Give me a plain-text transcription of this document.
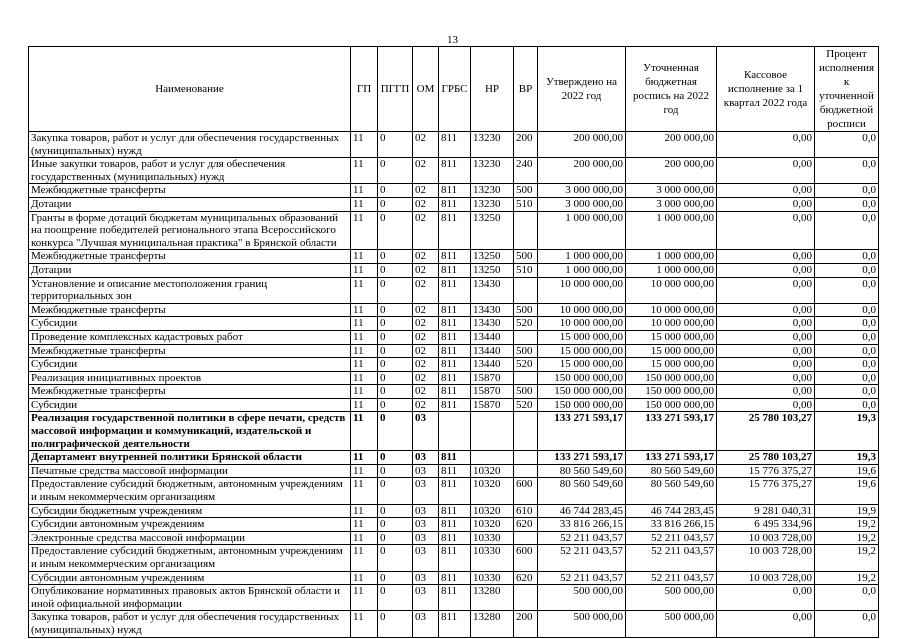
13
Наименование	ГП	ПГГП	ОМ	ГРБС	НР	ВР	Утверждено на 2022 год	Уточненная бюджетная роспись на 2022 год	Кассовое исполнение за 1 квартал 2022 года	Процент исполнения к уточненной бюджетной росписи
Закупка товаров, работ и услуг для обеспечения государственных (муниципальных) нужд	11	0	02	811	13230	200	200 000,00	200 000,00	0,00	0,0
Иные закупки товаров, работ и услуг для обеспечения государственных (муниципальных) нужд	11	0	02	811	13230	240	200 000,00	200 000,00	0,00	0,0
Межбюджетные трансферты	11	0	02	811	13230	500	3 000 000,00	3 000 000,00	0,00	0,0
Дотации	11	0	02	811	13230	510	3 000 000,00	3 000 000,00	0,00	0,0
Гранты в форме дотаций бюджетам муниципальных образований на поощрение победителей регионального этапа Всероссийского конкурса "Лучшая муниципальная практика" в Брянской области	11	0	02	811	13250		1 000 000,00	1 000 000,00	0,00	0,0
Межбюджетные трансферты	11	0	02	811	13250	500	1 000 000,00	1 000 000,00	0,00	0,0
Дотации	11	0	02	811	13250	510	1 000 000,00	1 000 000,00	0,00	0,0
Установление и описание местоположения границ территориальных зон	11	0	02	811	13430		10 000 000,00	10 000 000,00	0,00	0,0
Межбюджетные трансферты	11	0	02	811	13430	500	10 000 000,00	10 000 000,00	0,00	0,0
Субсидии	11	0	02	811	13430	520	10 000 000,00	10 000 000,00	0,00	0,0
Проведение комплексных кадастровых работ	11	0	02	811	13440		15 000 000,00	15 000 000,00	0,00	0,0
Межбюджетные трансферты	11	0	02	811	13440	500	15 000 000,00	15 000 000,00	0,00	0,0
Субсидии	11	0	02	811	13440	520	15 000 000,00	15 000 000,00	0,00	0,0
Реализация инициативных проектов	11	0	02	811	15870		150 000 000,00	150 000 000,00	0,00	0,0
Межбюджетные трансферты	11	0	02	811	15870	500	150 000 000,00	150 000 000,00	0,00	0,0
Субсидии	11	0	02	811	15870	520	150 000 000,00	150 000 000,00	0,00	0,0
Реализация государственной политики в сфере печати, средств массовой информации и коммуникаций, издательской и полиграфической деятельности	11	0	03				133 271 593,17	133 271 593,17	25 780 103,27	19,3
Департамент внутренней политики Брянской области	11	0	03	811			133 271 593,17	133 271 593,17	25 780 103,27	19,3
Печатные средства массовой информации	11	0	03	811	10320		80 560 549,60	80 560 549,60	15 776 375,27	19,6
Предоставление субсидий бюджетным, автономным учреждениям и иным некоммерческим организациям	11	0	03	811	10320	600	80 560 549,60	80 560 549,60	15 776 375,27	19,6
Субсидии бюджетным учреждениям	11	0	03	811	10320	610	46 744 283,45	46 744 283,45	9 281 040,31	19,9
Субсидии автономным учреждениям	11	0	03	811	10320	620	33 816 266,15	33 816 266,15	6 495 334,96	19,2
Электронные средства массовой информации	11	0	03	811	10330		52 211 043,57	52 211 043,57	10 003 728,00	19,2
Предоставление субсидий бюджетным, автономным учреждениям и иным некоммерческим организациям	11	0	03	811	10330	600	52 211 043,57	52 211 043,57	10 003 728,00	19,2
Субсидии автономным учреждениям	11	0	03	811	10330	620	52 211 043,57	52 211 043,57	10 003 728,00	19,2
Опубликование нормативных правовых актов Брянской области и иной официальной информации	11	0	03	811	13280		500 000,00	500 000,00	0,00	0,0
Закупка товаров, работ и услуг для обеспечения государственных (муниципальных) нужд	11	0	03	811	13280	200	500 000,00	500 000,00	0,00	0,0
